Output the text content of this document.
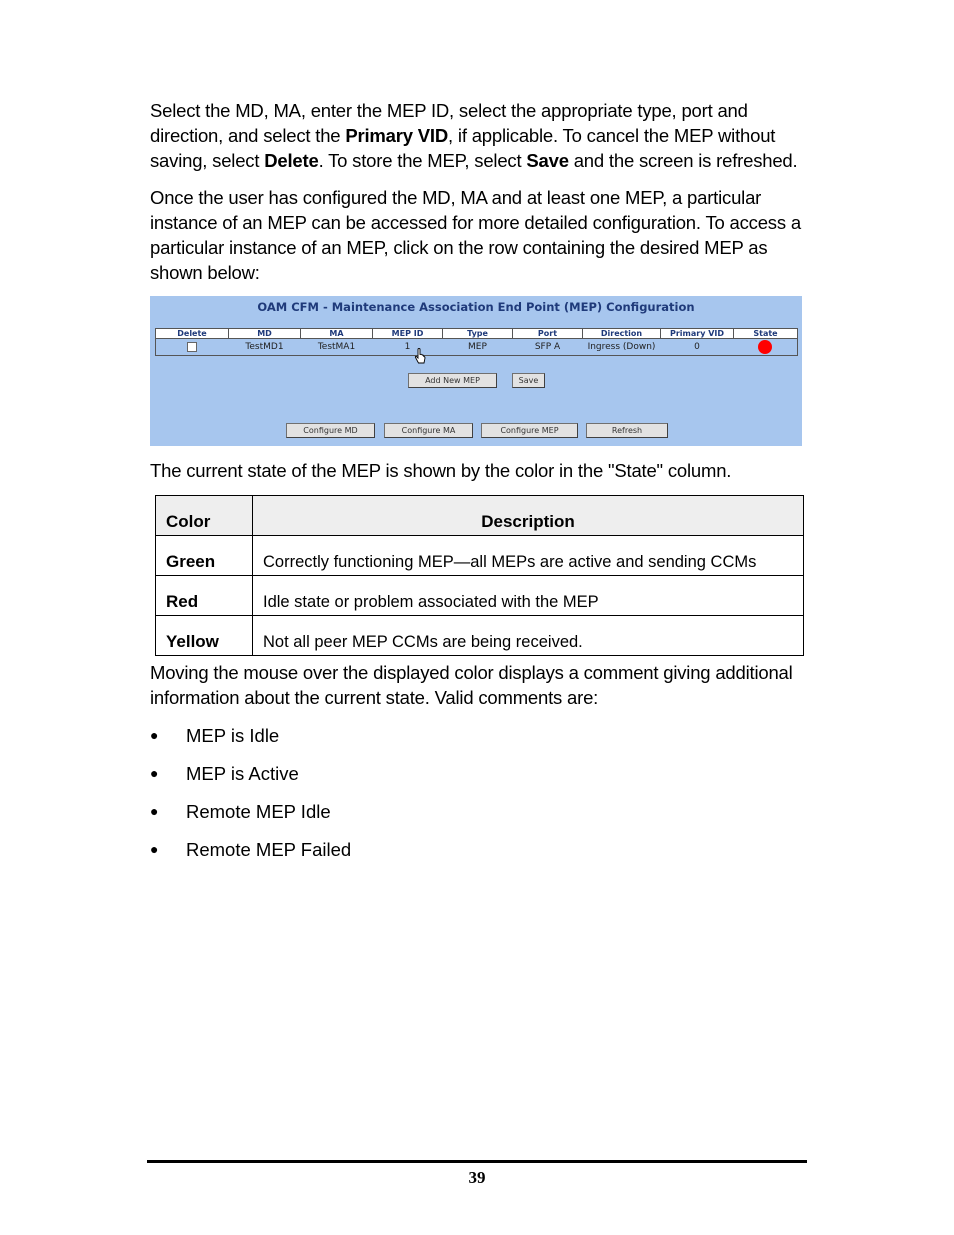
Select the MD, MA, enter the MEP ID, select the appropriate type, port and direction, and select the Primary VID, if applicable. To cancel the MEP without saving, select Delete. To store the MEP, select Save and the screen is refreshed.
Once the user has configured the MD, MA and at least one MEP, a particular instance of an MEP can be accessed for more detailed configuration. To access a particular instance of an MEP, click on the row containing the desired MEP as shown below:
OAM CFM - Maintenance Association End Point (MEP) Configuration
Delete	MD	MA	MEP ID	Type	Port	Direction	Primary VID	State
	TestMD1	TestMA1	1	MEP	SFP A	Ingress (Down)	0	
Add New MEP	Save
Configure MD	Configure MA	Configure MEP	Refresh
The current state of the MEP is shown by the color in the "State" column.
Color	Description
Green	Correctly functioning MEP—all MEPs are active and sending CCMs
Red	Idle state or problem associated with the MEP
Yellow	Not all peer MEP CCMs are being received.
Moving the mouse over the displayed color displays a comment giving additional information about the current state. Valid comments are:
● MEP is Idle
● MEP is Active
● Remote MEP Idle
● Remote MEP Failed
39
